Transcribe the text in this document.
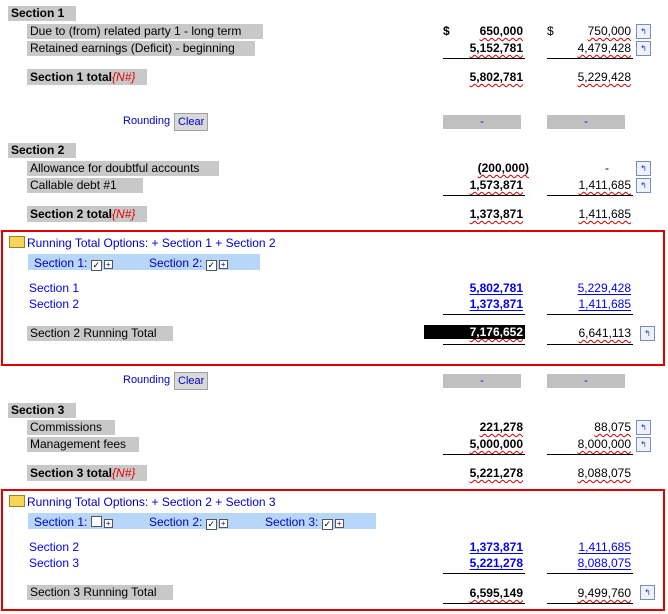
Section 1
Due to (from) related party 1 - long term	$ 650,000 $	750,000	↰
Retained earnings (Deficit) - beginning	5,152,781	4,479,428	↰
Section 1 total{N#}	5,802,781	5,229,428
Rounding Clear	-	-
Section 2
Allowance for doubtful accounts	(200,000)	-	↰
Callable debt #1	1,573,871	1,411,685	↰
Section 2 total{N#}	1,373,871	1,411,685
Running Total Options: + Section 1 + Section 2
Section 1: ✓ +	Section 2: ✓ +
Section 1	5,802,781	5,229,428
Section 2	1,373,871	1,411,685
Section 2 Running Total	7,176,652	6,641,113	↰
Rounding Clear	-	-
Section 3
Commissions	221,278	88,075	↰
Management fees	5,000,000	8,000,000	↰
Section 3 total{N#}	5,221,278	8,088,075
Running Total Options: + Section 2 + Section 3
Section 1: +	Section 2: ✓ +	Section 3: ✓ +
Section 2	1,373,871	1,411,685
Section 3	5,221,278	8,088,075
Section 3 Running Total	6,595,149	9,499,760	↰
